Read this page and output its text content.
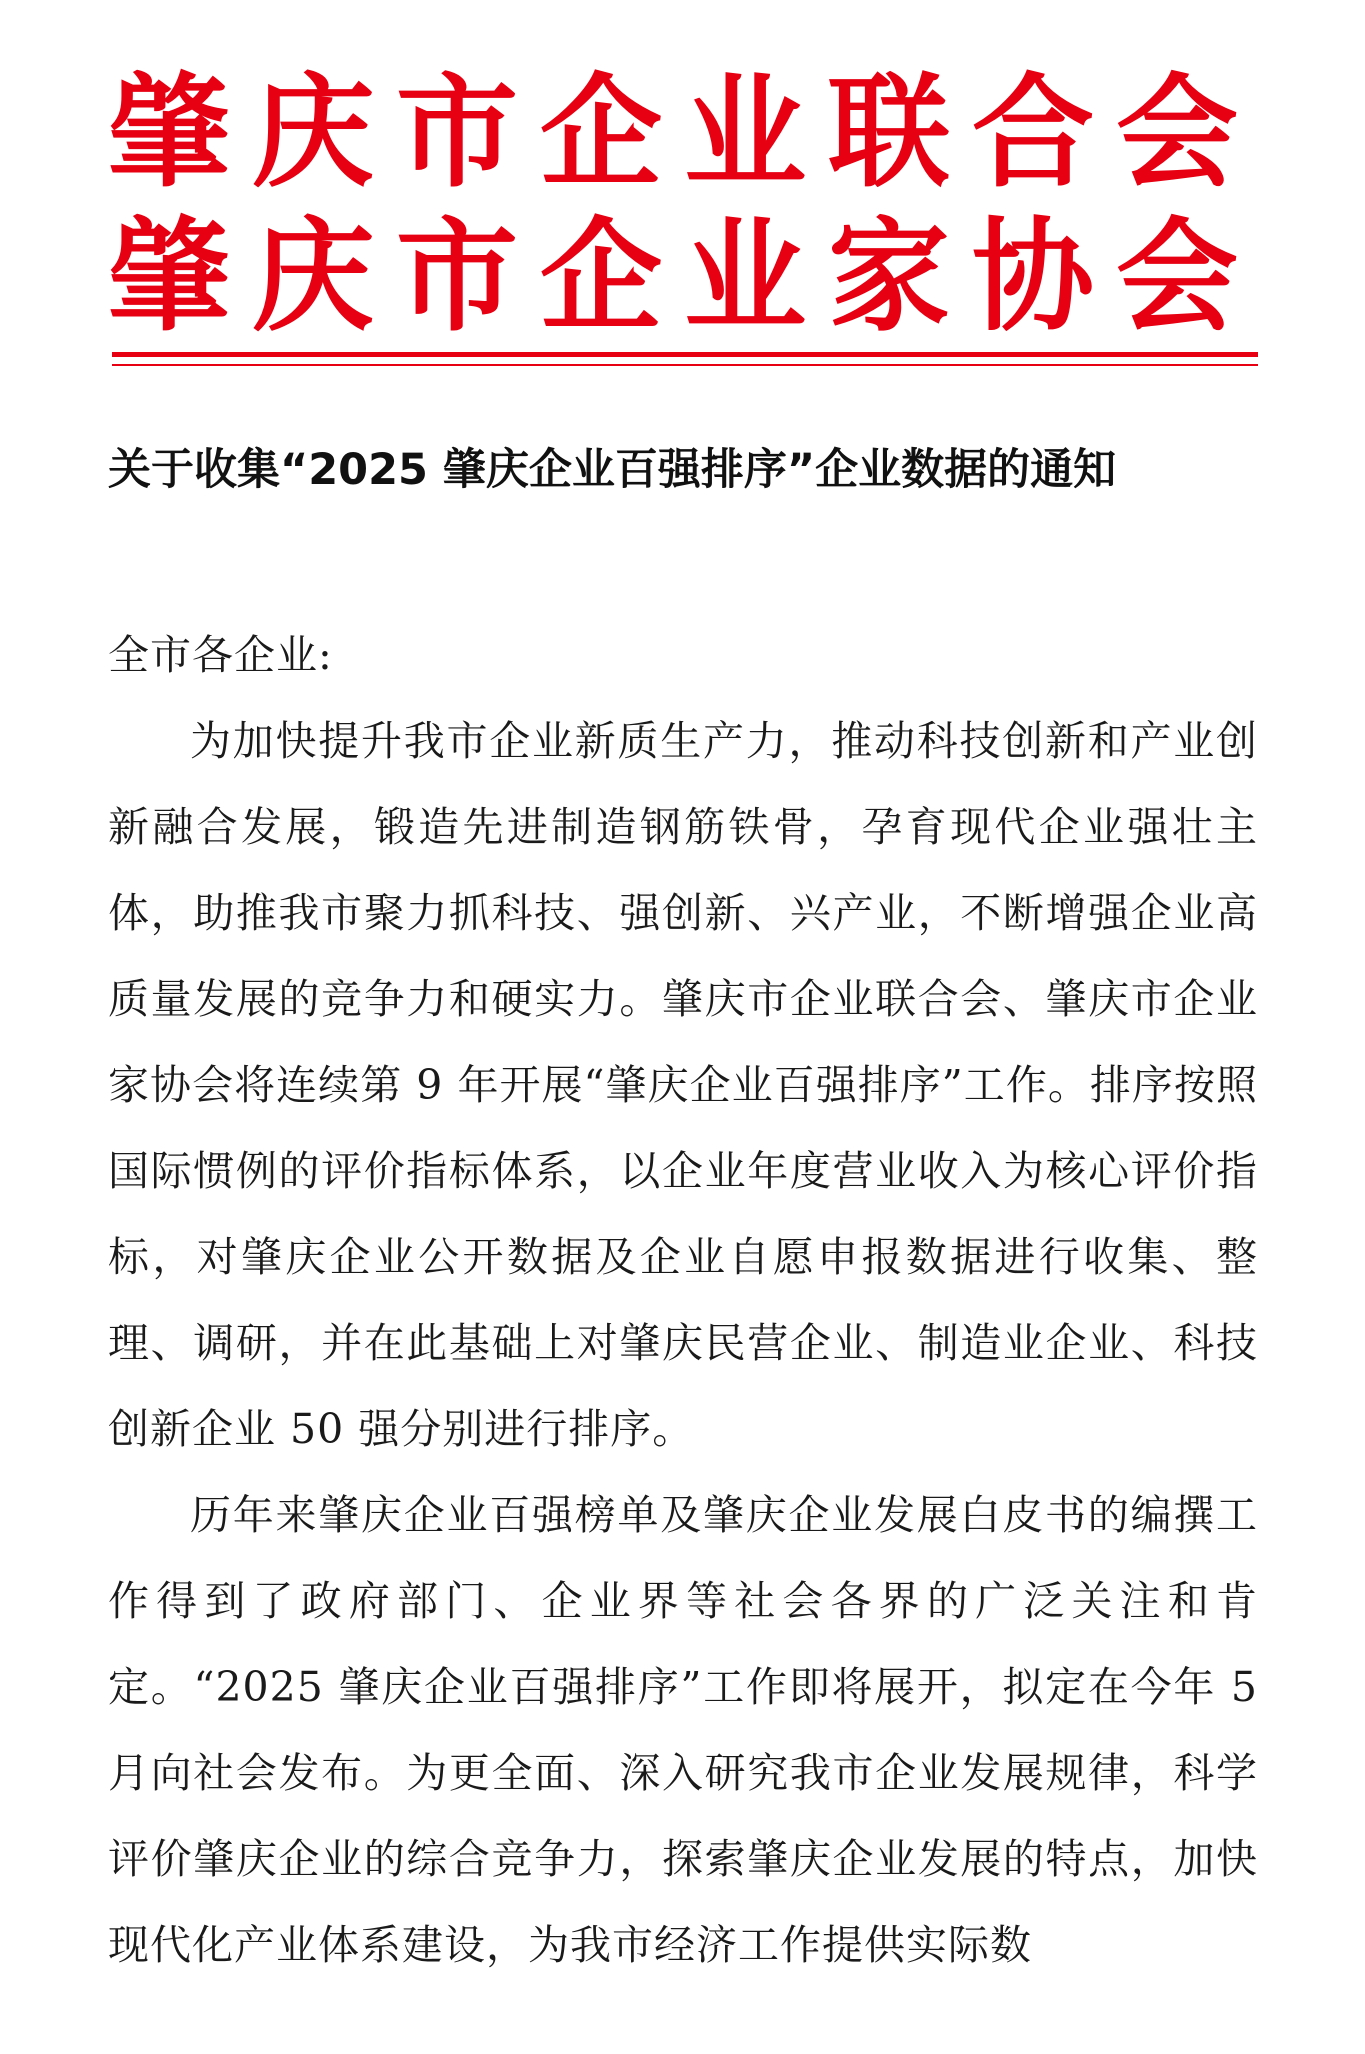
肇庆市企业联合会
肇庆市企业家协会
关于收集“2025 肇庆企业百强排序”企业数据的通知
全市各企业:
为加快提升我市企业新质生产力，推动科技创新和产业创新融合发展，锻造先进制造钢筋铁骨，孕育现代企业强壮主体，助推我市聚力抓科技、强创新、兴产业，不断增强企业高质量发展的竞争力和硬实力。肇庆市企业联合会、肇庆市企业家协会将连续第 9 年开展“肇庆企业百强排序”工作。排序按照国际惯例的评价指标体系，以企业年度营业收入为核心评价指标，对肇庆企业公开数据及企业自愿申报数据进行收集、整理、调研，并在此基础上对肇庆民营企业、制造业企业、科技创新企业 50 强分别进行排序。
历年来肇庆企业百强榜单及肇庆企业发展白皮书的编撰工作得到了政府部门、企业界等社会各界的广泛关注和肯定。“2025 肇庆企业百强排序”工作即将展开，拟定在今年 5 月向社会发布。为更全面、深入研究我市企业发展规律，科学评价肇庆企业的综合竞争力，探索肇庆企业发展的特点，加快现代化产业体系建设，为我市经济工作提供实际数
